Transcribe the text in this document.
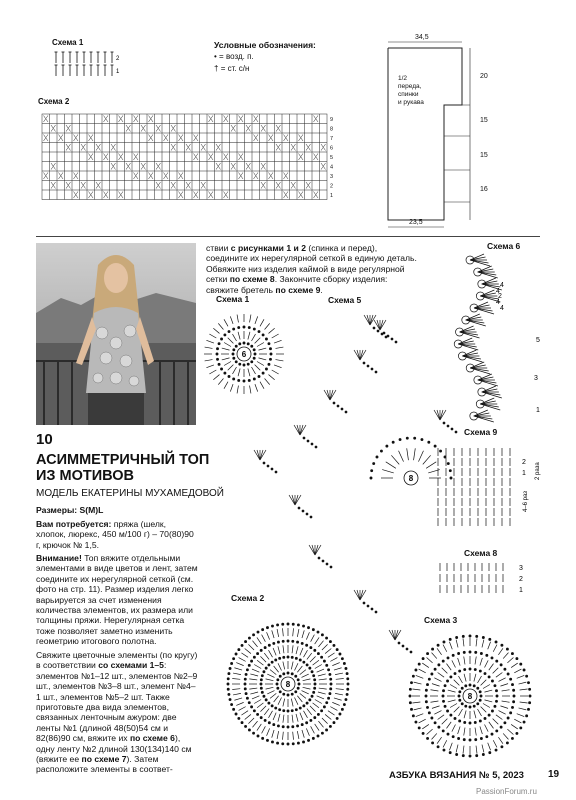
Схема 1
2
1
Условные обозначения:
• = возд. п.
† = ст. с/н
Схема 2
9
8
7
6
5
4
3
2
1
34,5
23,5
20
15
15
16
1/2
переда,
спинки
и рукава
10
АСИММЕТРИЧНЫЙ ТОП
ИЗ МОТИВОВ
МОДЕЛЬ ЕКАТЕРИНЫ МУХАМЕДОВОЙ
Размеры: S(M)L
Вам потребуется: пряжа (шелк, хлопок, люрекс, 450 м/100 г) – 70(80)90 г, крючок № 1,5.
Внимание! Топ вяжите отдельными элементами в виде цветов и лент, затем соедините их нерегулярной сеткой (см. фото на стр. 11). Размер изделия легко варьируется за счет изменения количества элементов, их размера или толщины пряжи. Нерегулярная сетка тоже позволяет заметно изменить геометрию итогового полотна.
Свяжите цветочные элементы (по кругу) в соответствии со схемами 1–5: элементов №1–12 шт., элементов №2–9 шт., элементов №3–8 шт., элемент №4–1 шт., элементов №5–2 шт. Также приготовьте два вида элементов, связанных ленточным ажуром: две ленты №1 (длиной 48(50)54 см и 82(86)90 см, вяжите их по схеме 6), одну ленту №2 длиной 130(134)140 см (вяжите ее по схеме 7). Затем расположите элементы в соответ-
ствии с рисунками 1 и 2 (спинка и перед), соедините их нерегулярной сеткой в единую деталь. Обвяжите низ изделия каймой в виде регулярной сетки по схеме 8. Закончите сборку изделия: свяжите бретель по схеме 9.
Схема 1	Схема 5
Схема 6
Схема 9
Схема 8
Схема 2
Схема 3
6
8
8
8
4
4
2
4
4
5
3
1
2
1
4–6 раз
2 раза
3
2
1
АЗБУКА ВЯЗАНИЯ № 5, 2023 19
PassionForum.ru
